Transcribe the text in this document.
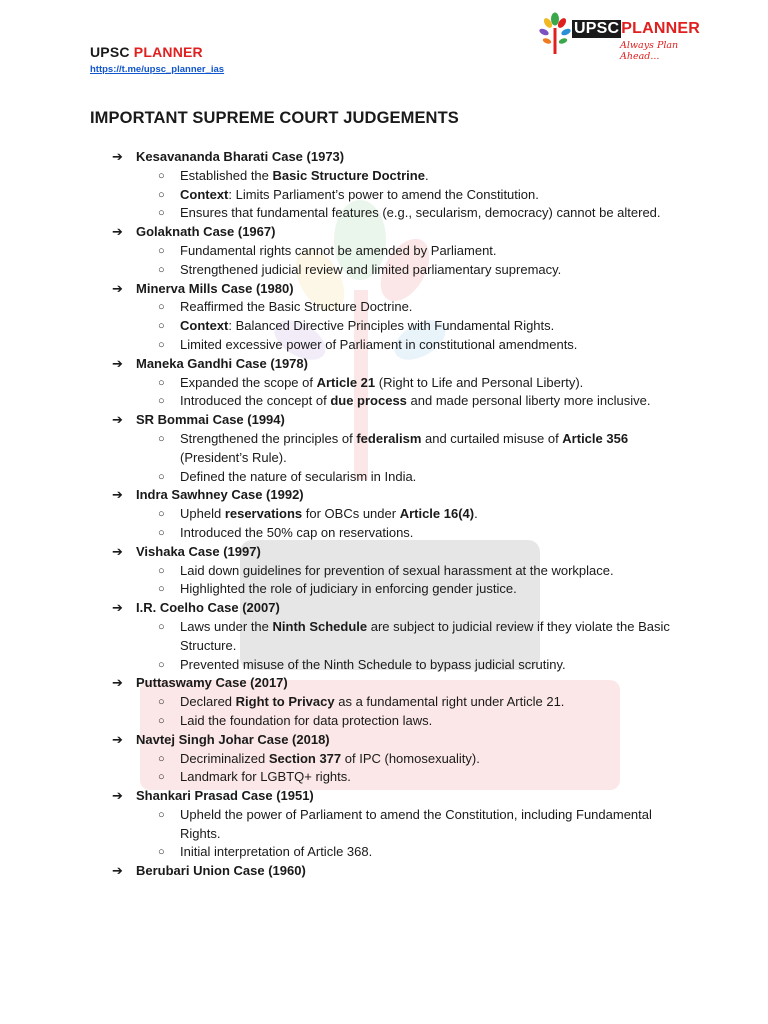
UPSC PLANNER
https://t.me/upsc_planner_ias
UPSC PLANNER
Always Plan Ahead...
IMPORTANT SUPREME COURT JUDGEMENTS
➔	Kesavananda Bharati Case (1973)
○	Established the Basic Structure Doctrine.
○	Context: Limits Parliament’s power to amend the Constitution.
○	Ensures that fundamental features (e.g., secularism, democracy) cannot be altered.
➔	Golaknath Case (1967)
○	Fundamental rights cannot be amended by Parliament.
○	Strengthened judicial review and limited parliamentary supremacy.
➔	Minerva Mills Case (1980)
○	Reaffirmed the Basic Structure Doctrine.
○	Context: Balanced Directive Principles with Fundamental Rights.
○	Limited excessive power of Parliament in constitutional amendments.
➔	Maneka Gandhi Case (1978)
○	Expanded the scope of Article 21 (Right to Life and Personal Liberty).
○	Introduced the concept of due process and made personal liberty more inclusive.
➔	SR Bommai Case (1994)
○	Strengthened the principles of federalism and curtailed misuse of Article 356 (President’s Rule).
○	Defined the nature of secularism in India.
➔	Indra Sawhney Case (1992)
○	Upheld reservations for OBCs under Article 16(4).
○	Introduced the 50% cap on reservations.
➔	Vishaka Case (1997)
○	Laid down guidelines for prevention of sexual harassment at the workplace.
○	Highlighted the role of judiciary in enforcing gender justice.
➔	I.R. Coelho Case (2007)
○	Laws under the Ninth Schedule are subject to judicial review if they violate the Basic Structure.
○	Prevented misuse of the Ninth Schedule to bypass judicial scrutiny.
➔	Puttaswamy Case (2017)
○	Declared Right to Privacy as a fundamental right under Article 21.
○	Laid the foundation for data protection laws.
➔	Navtej Singh Johar Case (2018)
○	Decriminalized Section 377 of IPC (homosexuality).
○	Landmark for LGBTQ+ rights.
➔	Shankari Prasad Case (1951)
○	Upheld the power of Parliament to amend the Constitution, including Fundamental Rights.
○	Initial interpretation of Article 368.
➔	Berubari Union Case (1960)
